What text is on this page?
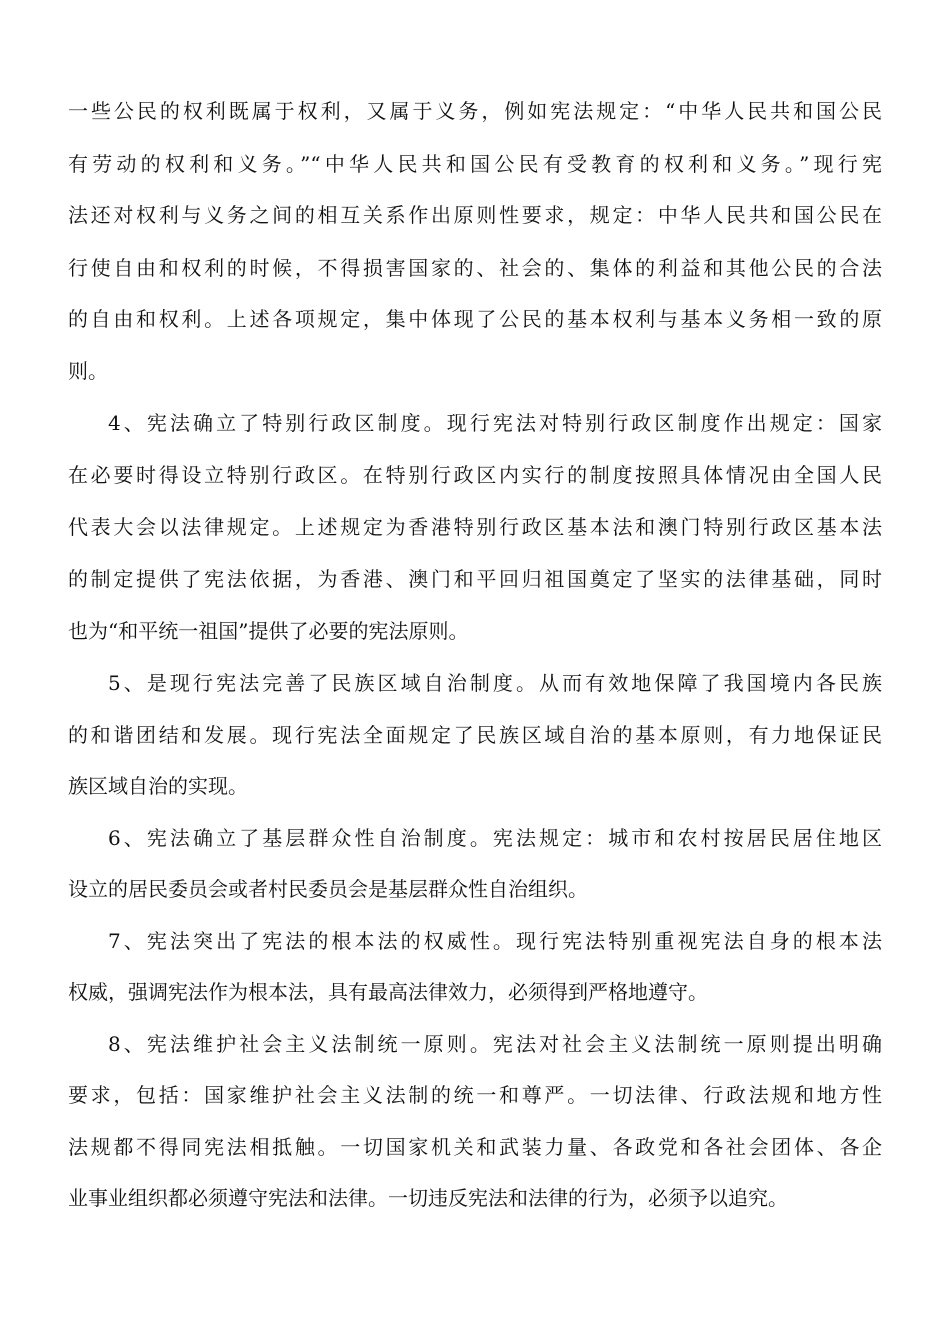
一些公民的权利既属于权利，又属于义务，例如宪法规定：“中华人民共和国公民

有劳动的权利和义务。”“中华人民共和国公民有受教育的权利和义务。”现行宪

法还对权利与义务之间的相互关系作出原则性要求，规定：中华人民共和国公民在

行使自由和权利的时候，不得损害国家的、社会的、集体的利益和其他公民的合法

的自由和权利。上述各项规定，集中体现了公民的基本权利与基本义务相一致的原

则。

4、宪法确立了特别行政区制度。现行宪法对特别行政区制度作出规定：国家

在必要时得设立特别行政区。在特别行政区内实行的制度按照具体情况由全国人民

代表大会以法律规定。上述规定为香港特别行政区基本法和澳门特别行政区基本法

的制定提供了宪法依据，为香港、澳门和平回归祖国奠定了坚实的法律基础，同时

也为“和平统一祖国”提供了必要的宪法原则。

5、是现行宪法完善了民族区域自治制度。从而有效地保障了我国境内各民族

的和谐团结和发展。现行宪法全面规定了民族区域自治的基本原则，有力地保证民

族区域自治的实现。

6、宪法确立了基层群众性自治制度。宪法规定：城市和农村按居民居住地区

设立的居民委员会或者村民委员会是基层群众性自治组织。

7、宪法突出了宪法的根本法的权威性。现行宪法特别重视宪法自身的根本法

权威，强调宪法作为根本法，具有最高法律效力，必须得到严格地遵守。

8、宪法维护社会主义法制统一原则。宪法对社会主义法制统一原则提出明确

要求，包括：国家维护社会主义法制的统一和尊严。一切法律、行政法规和地方性

法规都不得同宪法相抵触。一切国家机关和武装力量、各政党和各社会团体、各企

业事业组织都必须遵守宪法和法律。一切违反宪法和法律的行为，必须予以追究。
